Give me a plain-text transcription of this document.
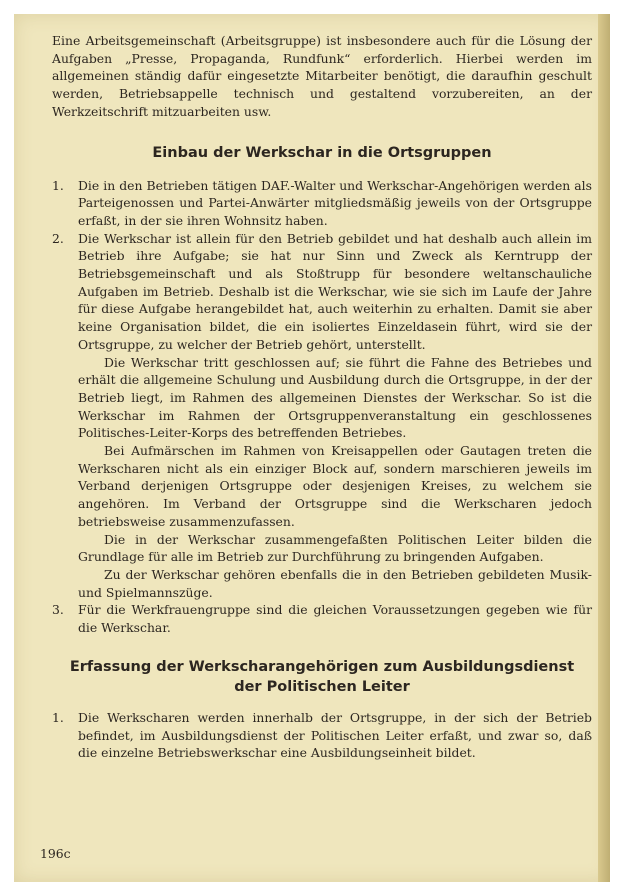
Eine Arbeitsgemeinschaft (Arbeitsgruppe) ist insbesondere auch für die Lösung der Aufgaben „Presse, Propaganda, Rundfunk“ erforderlich. Hierbei werden im allgemeinen ständig dafür eingesetzte Mitarbeiter benötigt, die daraufhin geschult werden, Betriebsappelle technisch und gestaltend vorzubereiten, an der Werkzeitschrift mitzuarbeiten usw.

Einbau der Werkschar in die Ortsgruppen
1.	Die in den Betrieben tätigen DAF.-Walter und Werkschar-Angehörigen werden als Parteigenossen und Partei-Anwärter mitgliedsmäßig jeweils von der Ortsgruppe erfaßt, in der sie ihren Wohnsitz haben.
2.	Die Werkschar ist allein für den Betrieb gebildet und hat deshalb auch allein im Betrieb ihre Aufgabe; sie hat nur Sinn und Zweck als Kerntrupp der Betriebsgemeinschaft und als Stoßtrupp für besondere weltanschauliche Aufgaben im Betrieb. Deshalb ist die Werkschar, wie sie sich im Laufe der Jahre für diese Aufgabe herangebildet hat, auch weiterhin zu erhalten. Damit sie aber keine Organisation bildet, die ein isoliertes Einzeldasein führt, wird sie der Ortsgruppe, zu welcher der Betrieb gehört, unterstellt.

Die Werkschar tritt geschlossen auf; sie führt die Fahne des Betriebes und erhält die allgemeine Schulung und Ausbildung durch die Ortsgruppe, in der der Betrieb liegt, im Rahmen des allgemeinen Dienstes der Werkschar. So ist die Werkschar im Rahmen der Ortsgruppenveranstaltung ein geschlossenes Politisches-Leiter-Korps des betreffenden Betriebes.

Bei Aufmärschen im Rahmen von Kreisappellen oder Gautagen treten die Werkscharen nicht als ein einziger Block auf, sondern marschieren jeweils im Verband derjenigen Ortsgruppe oder desjenigen Kreises, zu welchem sie angehören. Im Verband der Ortsgruppe sind die Werkscharen jedoch betriebsweise zusammenzufassen.

Die in der Werkschar zusammengefaßten Politischen Leiter bilden die Grundlage für alle im Betrieb zur Durchführung zu bringenden Aufgaben.

Zu der Werkschar gehören ebenfalls die in den Betrieben gebildeten Musik- und Spielmannszüge.

3.	Für die Werkfrauengruppe sind die gleichen Voraussetzungen gegeben wie für die Werkschar.
Erfassung der Werkscharangehörigen zum Ausbildungsdienst
der Politischen Leiter
1.	Die Werkscharen werden innerhalb der Ortsgruppe, in der sich der Betrieb befindet, im Ausbildungsdienst der Politischen Leiter erfaßt, und zwar so, daß die einzelne Betriebswerkschar eine Ausbildungseinheit bildet.
196c
